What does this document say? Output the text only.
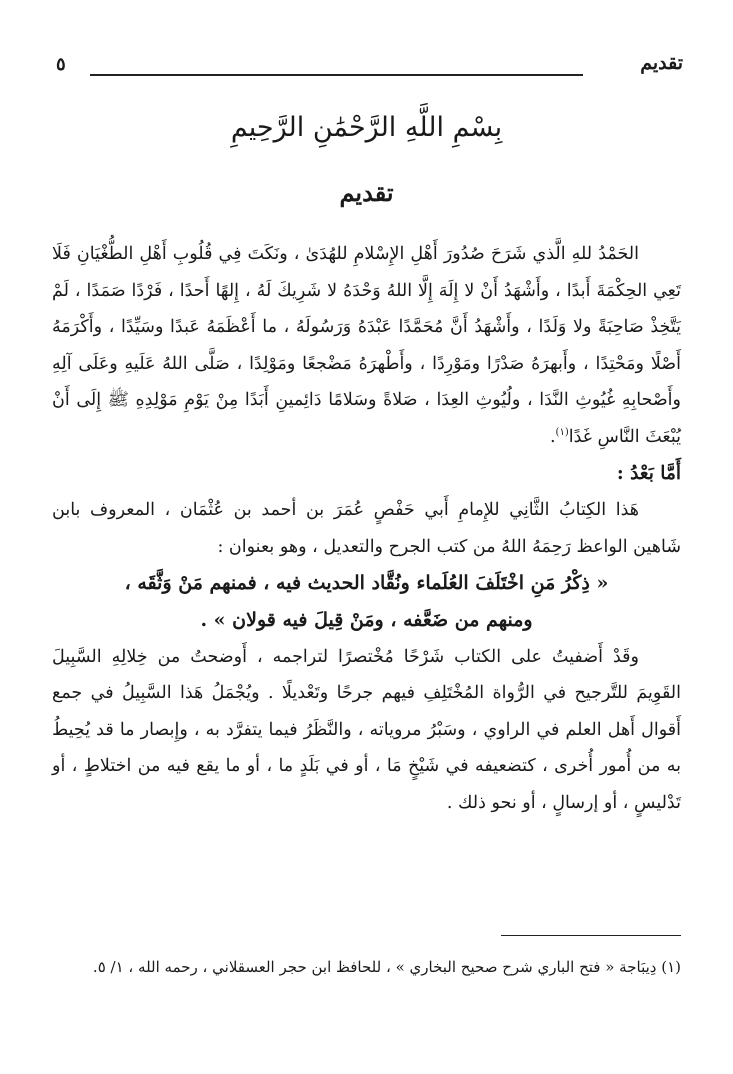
تقديم
٥
بِسْمِ اللَّهِ الرَّحْمَٰنِ الرَّحِيمِ
تقديم

الحَمْدُ للهِ الَّذي شَرَحَ صُدُورَ أَهْلِ الإِسْلامِ للهُدَىٰ ، ونَكَتَ فِي قُلُوبِ أَهْلِ الطُّغْيَانِ فَلَا تَعِي الحِكْمَةَ أَبدًا ، وأَشْهَدُ أَنْ لا إِلَهَ إِلَّا اللهُ وَحْدَهُ لا شَرِيكَ لَهُ ، إِلهًا أَحدًا ، فَرْدًا صَمَدًا ، لَمْ يَتَّخِذْ صَاحِبَةً ولا وَلَدًا ، وأَشْهَدُ أَنَّ مُحَمَّدًا عَبْدَهُ وَرَسُولَهُ ، ما أَعْظَمَهُ عَبدًا وسَيِّدًا ، وأَكْرَمَهُ أَصْلًا ومَحْتِدًا ، وأَبهرَهُ صَدْرًا ومَوْرِدًا ، وأَطْهرَهُ مَضْجعًا ومَوْلِدًا ، صَلَّى اللهُ عَلَيهِ وعَلَى آلِهِ وأَصْحابِهِ غُيُوثِ النَّدَا ، ولُيُوثِ العِدَا ، صَلاةً وسَلامًا دَائِمينِ أَبَدًا مِنْ يَوْمِ مَوْلِدِهِ ﷺ إِلَى أَنْ يُبْعَثَ النَّاسِ غَدًا$^{(١)}$.

أَمَّا بَعْدُ :

هَذا الكِتابُ الثَّانِي للإِمامِ أَبي حَفْصٍ عُمَرَ بن أحمد بن عُثْمَان ، المعروف بابن شَاهين الواعظ رَحِمَهُ اللهُ من كتب الجرح والتعديل ، وهو بعنوان :

« ذِكْرُ مَنِ اخْتَلَفَ العُلَماء ونُقَّاد الحديث فيه ، فمنهم مَنْ وَثَّقَه ،
ومنهم من ضَعَّفه ، ومَنْ قِيلَ فيه قولان » .

وقَدْ أَضفيتُ على الكتاب شَرْحًا مُخْتصرًا لتراجمه ، أَوضحتُ من خِلالِهِ السَّبِيلَ القَوِيمَ للتَّرجيح في الرُّواة المُخْتَلِفِ فيهم جرحًا وتَعْديلًا . ويُجْمَلُ هَذا السَّبِيلُ في جمع أَقوال أَهل العلم في الراوي ، وسَبْرُ مروياته ، والنَّظَرُ فيما يتفرَّد به ، وإِبصار ما قد يُحِيطُ به من أُمور أُخرى ، كتضعيفه في شَيْخٍ مَا ، أو في بَلَدٍ ما ، أو ما يقع فيه من اختلاطٍ ، أو تَدْليسٍ ، أو إرسالٍ ، أو نحو ذلك .

(١) دِيبَاجة « فتح الباري شرح صحيح البخاري » ، للحافظ ابن حجر العسقلاني ، رحمه الله ، ١/ ٥.
